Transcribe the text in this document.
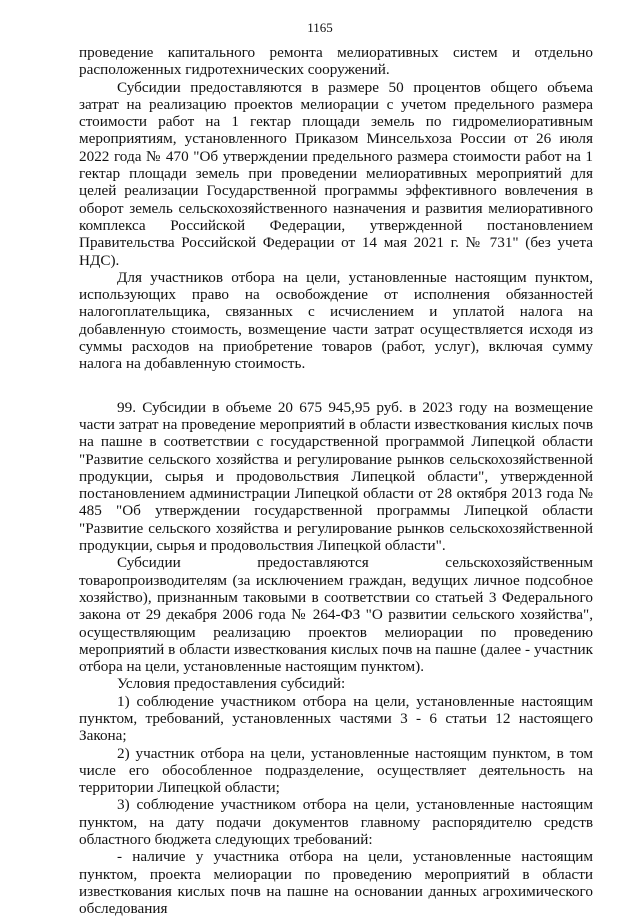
1165

проведение капитального ремонта мелиоративных систем и отдельно расположенных гидротехнических сооружений.

Субсидии предоставляются в размере 50 процентов общего объема затрат на реализацию проектов мелиорации с учетом предельного размера стоимости работ на 1 гектар площади земель по гидромелиоративным мероприятиям, установленного Приказом Минсельхоза России от 26 июля 2022 года № 470 "Об утверждении предельного размера стоимости работ на 1 гектар площади земель при проведении мелиоративных мероприятий для целей реализации Государственной программы эффективного вовлечения в оборот земель сельскохозяйственного назначения и развития мелиоративного комплекса Российской Федерации, утвержденной постановлением Правительства Российской Федерации от 14 мая 2021 г. № 731" (без учета НДС).

Для участников отбора на цели, установленные настоящим пунктом, использующих право на освобождение от исполнения обязанностей налогоплательщика, связанных с исчислением и уплатой налога на добавленную стоимость, возмещение части затрат осуществляется исходя из суммы расходов на приобретение товаров (работ, услуг), включая сумму налога на добавленную стоимость.

99. Субсидии в объеме 20 675 945,95 руб. в 2023 году на возмещение части затрат на проведение мероприятий в области известкования кислых почв на пашне в соответствии с государственной программой Липецкой области "Развитие сельского хозяйства и регулирование рынков сельскохозяйственной продукции, сырья и продовольствия Липецкой области", утвержденной постановлением администрации Липецкой области от 28 октября 2013 года № 485 "Об утверждении государственной программы Липецкой области "Развитие сельского хозяйства и регулирование рынков сельскохозяйственной продукции, сырья и продовольствия Липецкой области".

Субсидии предоставляются сельскохозяйственным товаропроизводителям (за исключением граждан, ведущих личное подсобное хозяйство), признанным таковыми в соответствии со статьей 3 Федерального закона от 29 декабря 2006 года № 264-ФЗ "О развитии сельского хозяйства", осуществляющим реализацию проектов мелиорации по проведению мероприятий в области известкования кислых почв на пашне (далее - участник отбора на цели, установленные настоящим пунктом).

Условия предоставления субсидий:

1) соблюдение участником отбора на цели, установленные настоящим пунктом, требований, установленных частями 3 - 6 статьи 12 настоящего Закона;

2) участник отбора на цели, установленные настоящим пунктом, в том числе его обособленное подразделение, осуществляет деятельность на территории Липецкой области;

3) соблюдение участником отбора на цели, установленные настоящим пунктом, на дату подачи документов главному распорядителю средств областного бюджета следующих требований:

- наличие у участника отбора на цели, установленные настоящим пунктом, проекта мелиорации по проведению мероприятий в области известкования кислых почв на пашне на основании данных агрохимического обследования
